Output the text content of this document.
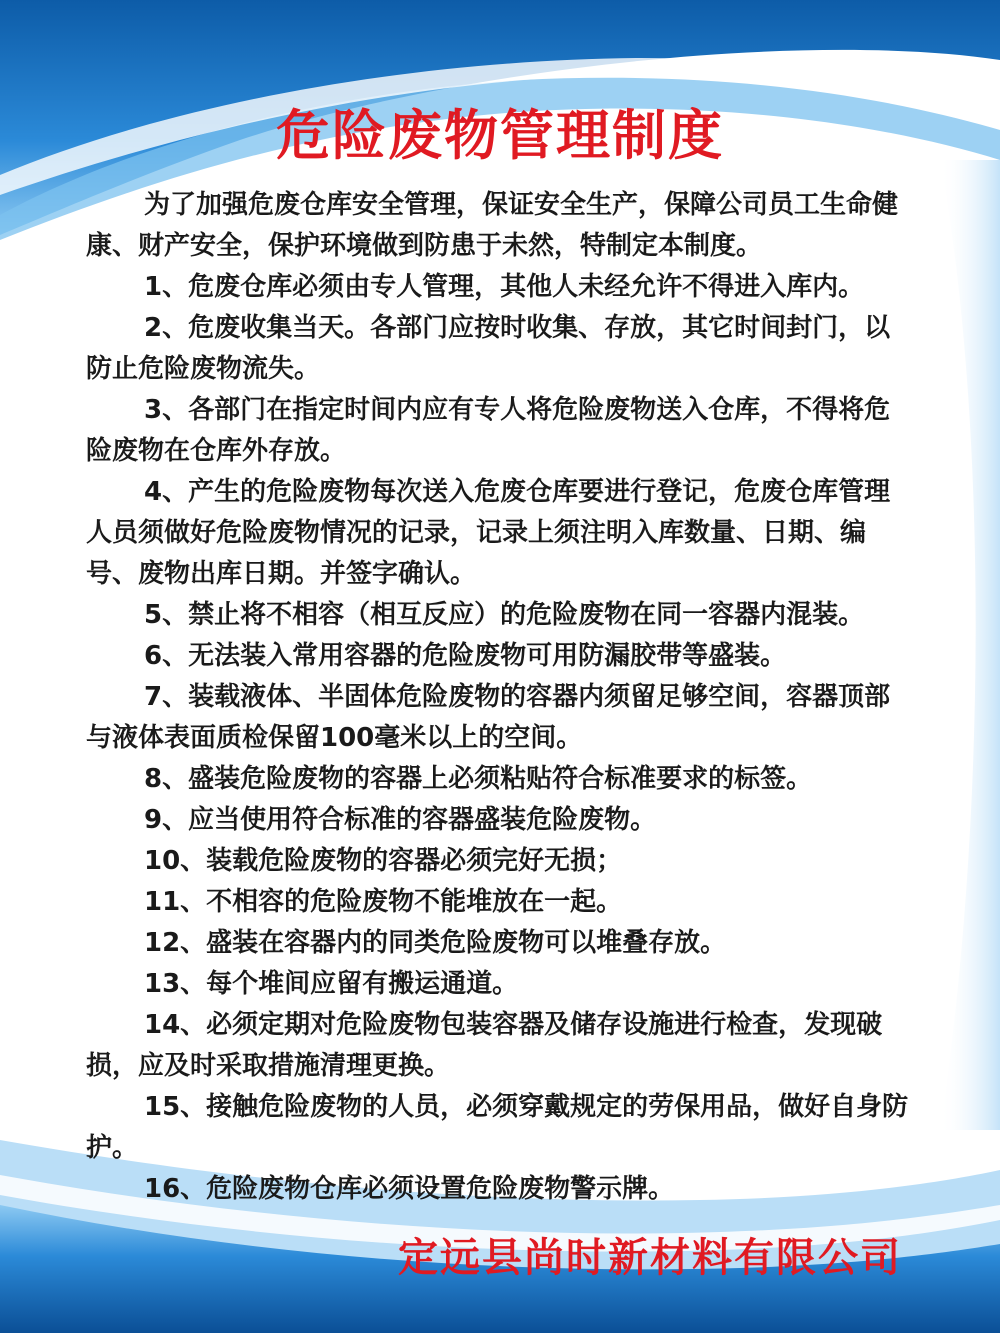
危险废物管理制度

为了加强危废仓库安全管理，保证安全生产，保障公司员工生命健康、财产安全，保护环境做到防患于未然，特制定本制度。

1、危废仓库必须由专人管理，其他人未经允许不得进入库内。

2、危废收集当天。各部门应按时收集、存放，其它时间封门，以防止危险废物流失。

3、各部门在指定时间内应有专人将危险废物送入仓库，不得将危险废物在仓库外存放。

4、产生的危险废物每次送入危废仓库要进行登记，危废仓库管理人员须做好危险废物情况的记录，记录上须注明入库数量、日期、编号、废物出库日期。并签字确认。

5、禁止将不相容（相互反应）的危险废物在同一容器内混装。

6、无法装入常用容器的危险废物可用防漏胶带等盛装。

7、装载液体、半固体危险废物的容器内须留足够空间，容器顶部与液体表面质检保留100毫米以上的空间。

8、盛装危险废物的容器上必须粘贴符合标准要求的标签。

9、应当使用符合标准的容器盛装危险废物。

10、装载危险废物的容器必须完好无损；

11、不相容的危险废物不能堆放在一起。

12、盛装在容器内的同类危险废物可以堆叠存放。

13、每个堆间应留有搬运通道。

14、必须定期对危险废物包装容器及储存设施进行检查，发现破损，应及时采取措施清理更换。

15、接触危险废物的人员，必须穿戴规定的劳保用品，做好自身防护。

16、危险废物仓库必须设置危险废物警示牌。

定远县尚时新材料有限公司
